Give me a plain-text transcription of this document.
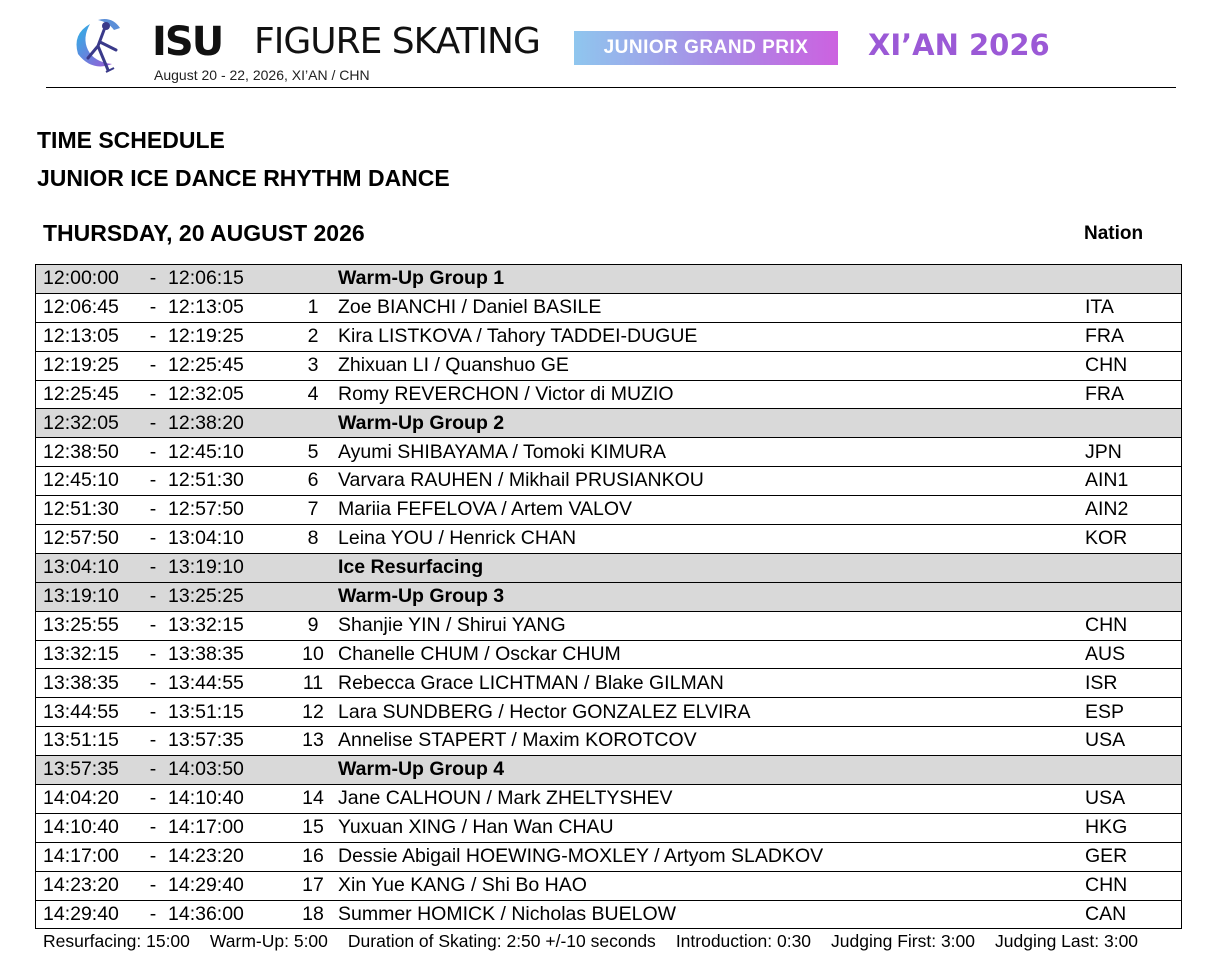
ISU FIGURE SKATING	JUNIOR GRAND PRIX	XI’AN 2026
August 20 - 22, 2026, XI’AN / CHN
TIME SCHEDULE
JUNIOR ICE DANCE RHYTHM DANCE
THURSDAY, 20 AUGUST 2026	Nation
12:00:00	-	12:06:15		Warm-Up Group 1	
12:06:45	-	12:13:05	1	Zoe BIANCHI / Daniel BASILE	ITA
12:13:05	-	12:19:25	2	Kira LISTKOVA / Tahory TADDEI-DUGUE	FRA
12:19:25	-	12:25:45	3	Zhixuan LI / Quanshuo GE	CHN
12:25:45	-	12:32:05	4	Romy REVERCHON / Victor di MUZIO	FRA
12:32:05	-	12:38:20		Warm-Up Group 2	
12:38:50	-	12:45:10	5	Ayumi SHIBAYAMA / Tomoki KIMURA	JPN
12:45:10	-	12:51:30	6	Varvara RAUHEN / Mikhail PRUSIANKOU	AIN1
12:51:30	-	12:57:50	7	Mariia FEFELOVA / Artem VALOV	AIN2
12:57:50	-	13:04:10	8	Leina YOU / Henrick CHAN	KOR
13:04:10	-	13:19:10		Ice Resurfacing	
13:19:10	-	13:25:25		Warm-Up Group 3	
13:25:55	-	13:32:15	9	Shanjie YIN / Shirui YANG	CHN
13:32:15	-	13:38:35	10	Chanelle CHUM / Osckar CHUM	AUS
13:38:35	-	13:44:55	11	Rebecca Grace LICHTMAN / Blake GILMAN	ISR
13:44:55	-	13:51:15	12	Lara SUNDBERG / Hector GONZALEZ ELVIRA	ESP
13:51:15	-	13:57:35	13	Annelise STAPERT / Maxim KOROTCOV	USA
13:57:35	-	14:03:50		Warm-Up Group 4	
14:04:20	-	14:10:40	14	Jane CALHOUN / Mark ZHELTYSHEV	USA
14:10:40	-	14:17:00	15	Yuxuan XING / Han Wan CHAU	HKG
14:17:00	-	14:23:20	16	Dessie Abigail HOEWING-MOXLEY / Artyom SLADKOV	GER
14:23:20	-	14:29:40	17	Xin Yue KANG / Shi Bo HAO	CHN
14:29:40	-	14:36:00	18	Summer HOMICK / Nicholas BUELOW	CAN
Resurfacing: 15:00 Warm-Up: 5:00 Duration of Skating: 2:50 +/-10 seconds Introduction: 0:30 Judging First: 3:00 Judging Last: 3:00
